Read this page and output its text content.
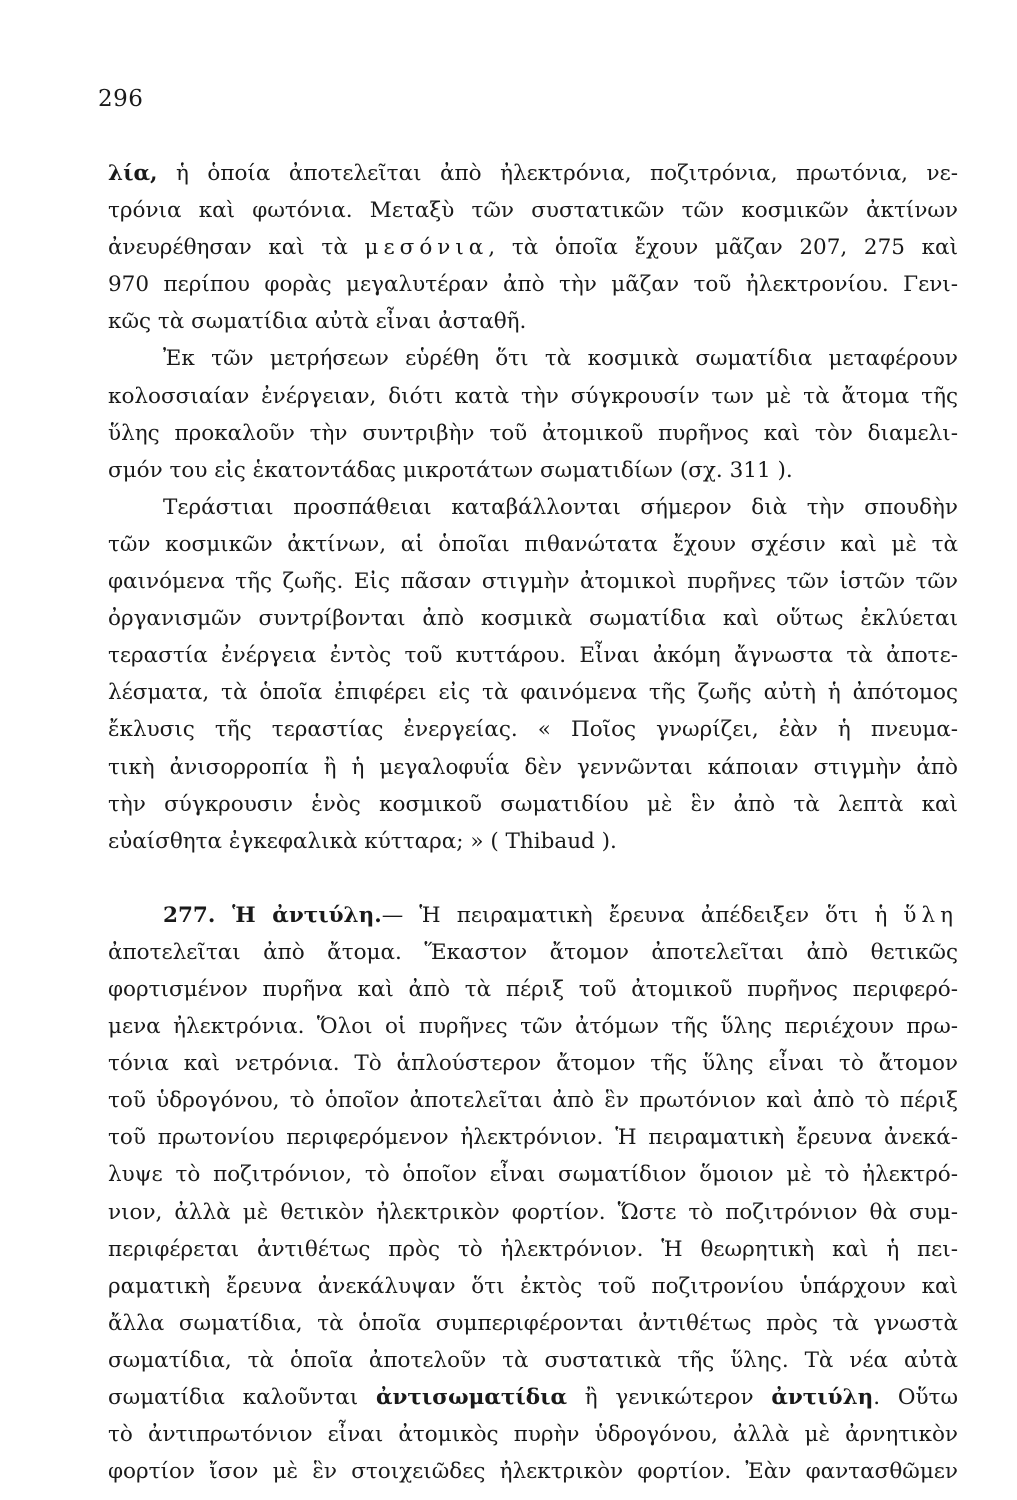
296
λία, ἡ ὁποία ἀποτελεῖται ἀπὸ ἠλεκτρόνια, ποζιτρόνια, πρωτόνια, νε-
τρόνια καὶ φωτόνια. Μεταξὺ τῶν συστατικῶν τῶν κοσμικῶν ἀκτίνων
ἀνευρέθησαν καὶ τὰ μεσόνια, τὰ ὁποῖα ἔχουν μᾶζαν 207, 275 καὶ
970 περίπου φορὰς μεγαλυτέραν ἀπὸ τὴν μᾶζαν τοῦ ἠλεκτρονίου. Γενι-
κῶς τὰ σωματίδια αὐτὰ εἶναι ἀσταθῆ.
Ἐκ τῶν μετρήσεων εὑρέθη ὅτι τὰ κοσμικὰ σωματίδια μεταφέρουν
κολοσσιαίαν ἐνέργειαν, διότι κατὰ τὴν σύγκρουσίν των μὲ τὰ ἄτομα τῆς
ὕλης προκαλοῦν τὴν συντριβὴν τοῦ ἀτομικοῦ πυρῆνος καὶ τὸν διαμελι-
σμόν του εἰς ἑκατοντάδας μικροτάτων σωματιδίων (σχ. 311 ).
Τεράστιαι προσπάθειαι καταβάλλονται σήμερον διὰ τὴν σπουδὴν
τῶν κοσμικῶν ἀκτίνων, αἱ ὁποῖαι πιθανώτατα ἔχουν σχέσιν καὶ μὲ τὰ
φαινόμενα τῆς ζωῆς. Εἰς πᾶσαν στιγμὴν ἀτομικοὶ πυρῆνες τῶν ἱστῶν τῶν
ὀργανισμῶν συντρίβονται ἀπὸ κοσμικὰ σωματίδια καὶ οὕτως ἐκλύεται
τεραστία ἐνέργεια ἐντὸς τοῦ κυττάρου. Εἶναι ἀκόμη ἄγνωστα τὰ ἀποτε-
λέσματα, τὰ ὁποῖα ἐπιφέρει εἰς τὰ φαινόμενα τῆς ζωῆς αὐτὴ ἡ ἀπότομος
ἔκλυσις τῆς τεραστίας ἐνεργείας. « Ποῖος γνωρίζει, ἐὰν ἡ πνευμα-
τικὴ ἀνισορροπία ἢ ἡ μεγαλοφυΐα δὲν γεννῶνται κάποιαν στιγμὴν ἀπὸ
τὴν σύγκρουσιν ἑνὸς κοσμικοῦ σωματιδίου μὲ ἓν ἀπὸ τὰ λεπτὰ καὶ
εὐαίσθητα ἐγκεφαλικὰ κύτταρα; » ( Thibaud ).
277. Ἡ ἀντιύλη.— Ἡ πειραματικὴ ἔρευνα ἀπέδειξεν ὅτι ἡ ὕλη
ἀποτελεῖται ἀπὸ ἄτομα. Ἕκαστον ἄτομον ἀποτελεῖται ἀπὸ θετικῶς
φορτισμένον πυρῆνα καὶ ἀπὸ τὰ πέριξ τοῦ ἀτομικοῦ πυρῆνος περιφερό-
μενα ἠλεκτρόνια. Ὅλοι οἱ πυρῆνες τῶν ἀτόμων τῆς ὕλης περιέχουν πρω-
τόνια καὶ νετρόνια. Τὸ ἁπλούστερον ἄτομον τῆς ὕλης εἶναι τὸ ἄτομον
τοῦ ὑδρογόνου, τὸ ὁποῖον ἀποτελεῖται ἀπὸ ἓν πρωτόνιον καὶ ἀπὸ τὸ πέριξ
τοῦ πρωτονίου περιφερόμενον ἠλεκτρόνιον. Ἡ πειραματικὴ ἔρευνα ἀνεκά-
λυψε τὸ ποζιτρόνιον, τὸ ὁποῖον εἶναι σωματίδιον ὅμοιον μὲ τὸ ἠλεκτρό-
νιον, ἀλλὰ μὲ θετικὸν ἠλεκτρικὸν φορτίον. Ὥστε τὸ ποζιτρόνιον θὰ συμ-
περιφέρεται ἀντιθέτως πρὸς τὸ ἠλεκτρόνιον. Ἡ θεωρητικὴ καὶ ἡ πει-
ραματικὴ ἔρευνα ἀνεκάλυψαν ὅτι ἐκτὸς τοῦ ποζιτρονίου ὑπάρχουν καὶ
ἄλλα σωματίδια, τὰ ὁποῖα συμπεριφέρονται ἀντιθέτως πρὸς τὰ γνωστὰ
σωματίδια, τὰ ὁποῖα ἀποτελοῦν τὰ συστατικὰ τῆς ὕλης. Τὰ νέα αὐτὰ
σωματίδια καλοῦνται ἀντισωματίδια ἢ γενικώτερον ἀντιύλη. Οὕτω
τὸ ἀντιπρωτόνιον εἶναι ἀτομικὸς πυρὴν ὑδρογόνου, ἀλλὰ μὲ ἀρνητικὸν
φορτίον ἴσον μὲ ἓν στοιχειῶδες ἠλεκτρικὸν φορτίον. Ἐὰν φαντασθῶμεν
